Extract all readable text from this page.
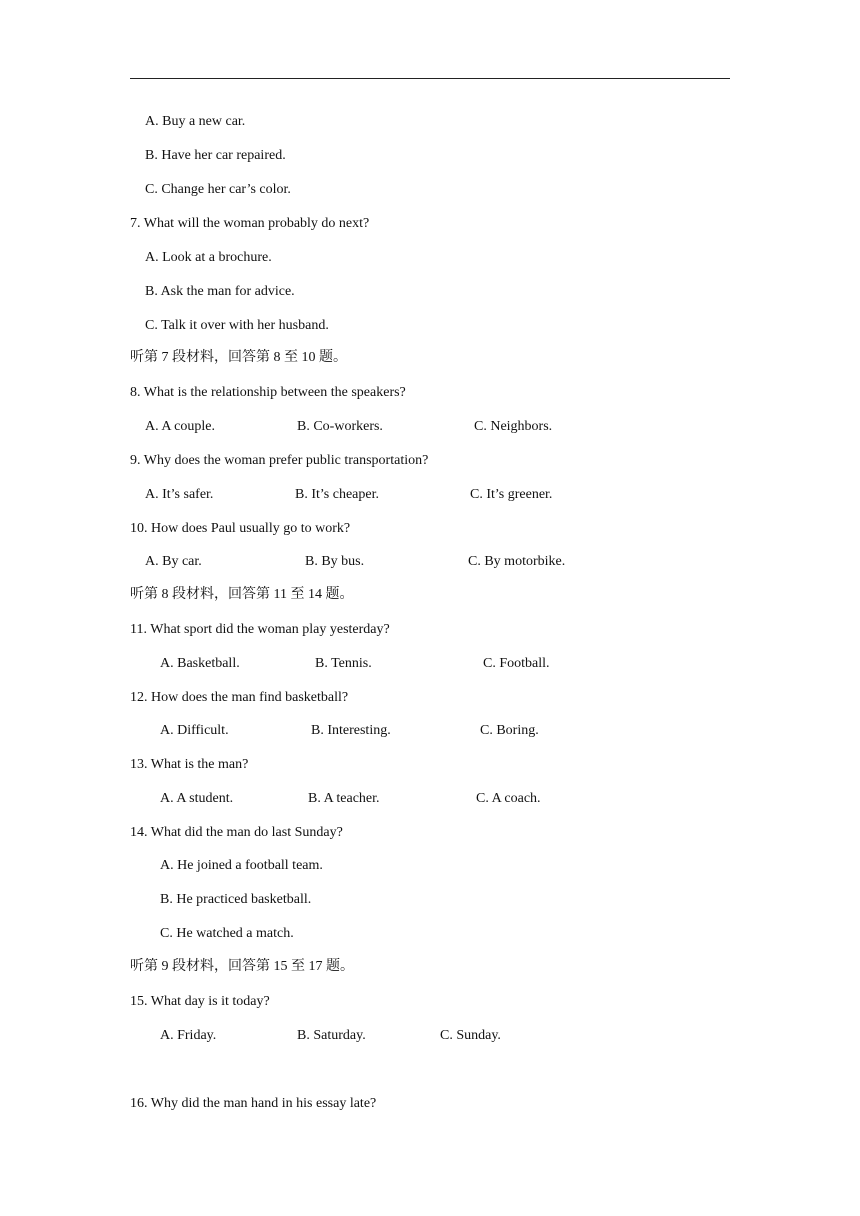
A. Buy a new car.
B. Have her car repaired.
C. Change her car’s color.
7. What will the woman probably do next?
A. Look at a brochure.
B. Ask the man for advice.
C. Talk it over with her husband.
听第 7 段材料，回答第 8 至 10 题。
8. What is the relationship between the speakers?
A. A couple.	B. Co-workers.	C. Neighbors.
9. Why does the woman prefer public transportation?
A. It’s safer.	B. It’s cheaper.	C. It’s greener.
10. How does Paul usually go to work?
A. By car.	B. By bus.	C. By motorbike.
听第 8 段材料，回答第 11 至 14 题。
11. What sport did the woman play yesterday?
A. Basketball.	B. Tennis.	C. Football.
12. How does the man find basketball?
A. Difficult.	B. Interesting.	C. Boring.
13. What is the man?
A. A student.	B. A teacher.	C. A coach.
14. What did the man do last Sunday?
A. He joined a football team.
B. He practiced basketball.
C. He watched a match.
听第 9 段材料，回答第 15 至 17 题。
15. What day is it today?
A. Friday.	B. Saturday.	C. Sunday.
16. Why did the man hand in his essay late?
